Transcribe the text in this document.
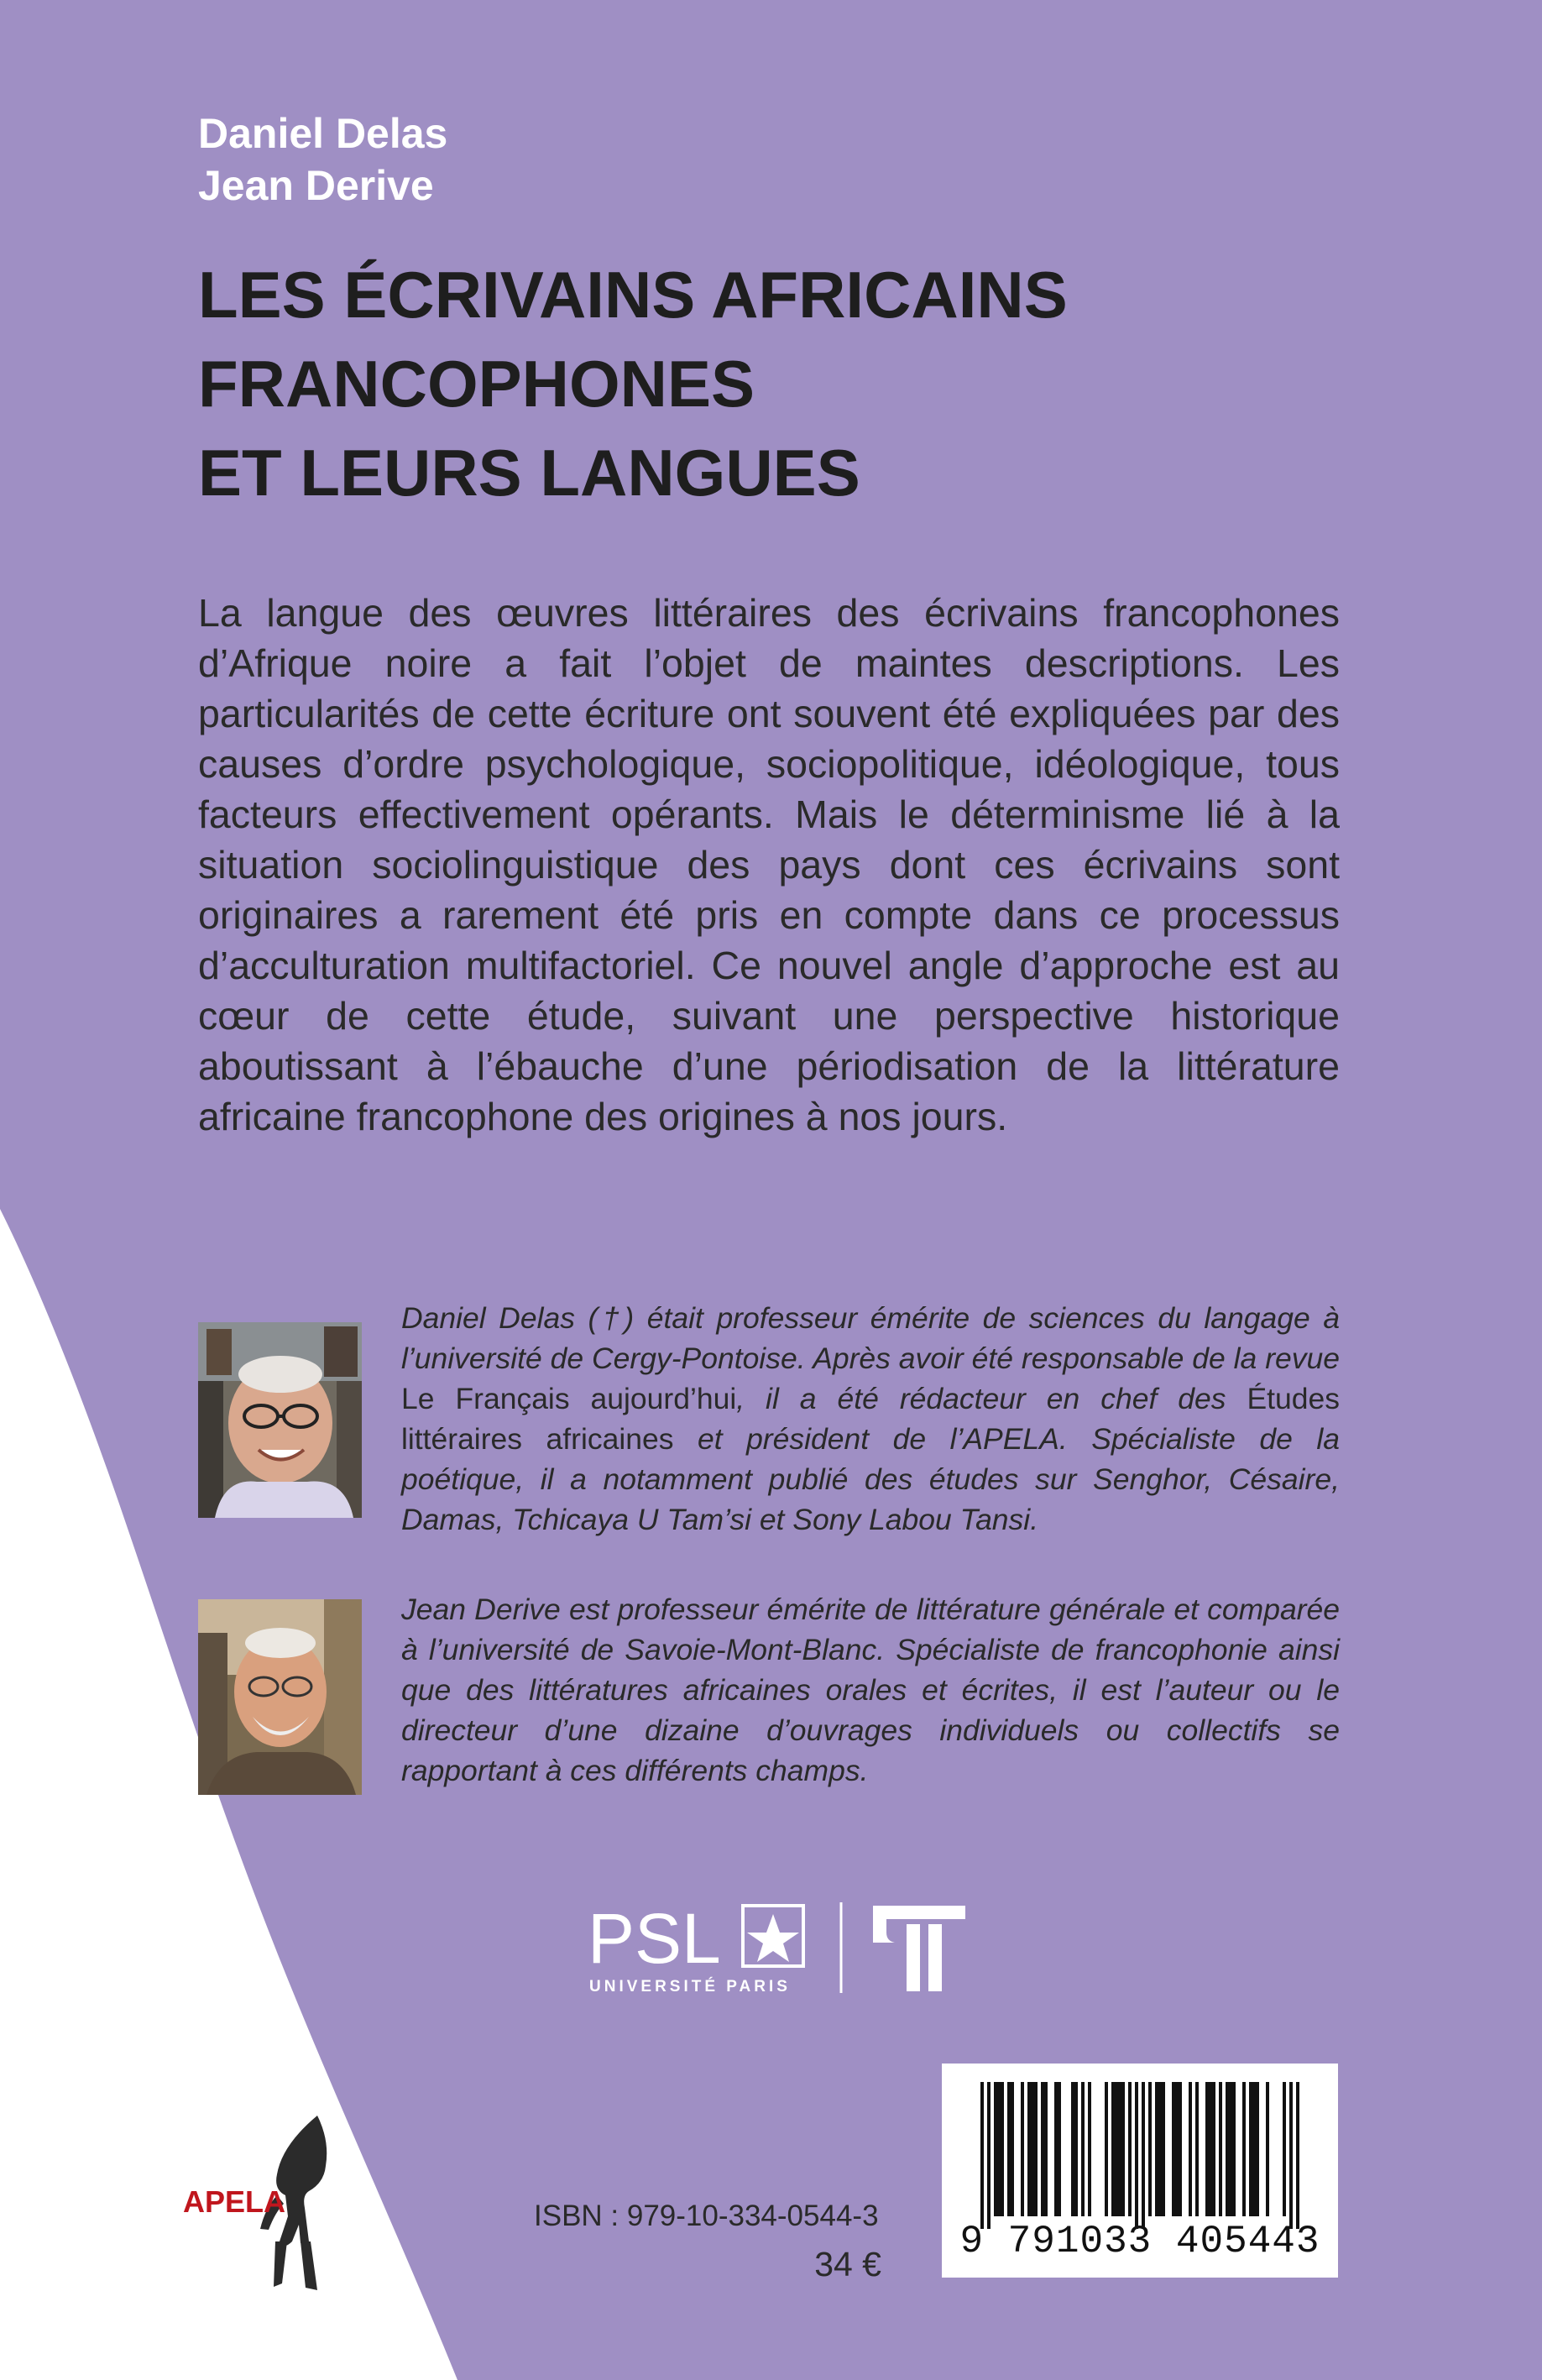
Daniel Delas
Jean Derive
LES ÉCRIVAINS AFRICAINS
FRANCOPHONES
ET LEURS LANGUES

La langue des œuvres littéraires des écrivains francophones d’Afrique noire a fait l’objet de maintes descriptions. Les particularités de cette écriture ont souvent été expliquées par des causes d’ordre psychologique, sociopolitique, idéologique, tous facteurs effectivement opérants. Mais le déterminisme lié à la situation sociolinguistique des pays dont ces écrivains sont originaires a rarement été pris en compte dans ce processus d’acculturation multifactoriel. Ce nouvel angle d’approche est au cœur de cette étude, suivant une perspective historique aboutissant à l’ébauche d’une périodisation de la littérature africaine francophone des origines à nos jours.

Daniel Delas (†) était professeur émérite de sciences du langage à l’université de Cergy-Pontoise. Après avoir été responsable de la revue Le Français aujourd’hui, il a été rédacteur en chef des Études littéraires africaines et président de l’APELA. Spécialiste de la poétique, il a notamment publié des études sur Senghor, Césaire, Damas, Tchicaya U Tam’si et Sony Labou Tansi.

Jean Derive est professeur émérite de littérature générale et comparée à l’université de Savoie-Mont-Blanc. Spécialiste de francophonie ainsi que des littératures africaines orales et écrites, il est l’auteur ou le directeur d’une dizaine d’ouvrages individuels ou collectifs se rapportant à ces différents champs.

PSL
UNIVERSITÉ PARIS
APELA	ISBN : 979-10-334-0544-3
34 €
9 791033 405443
